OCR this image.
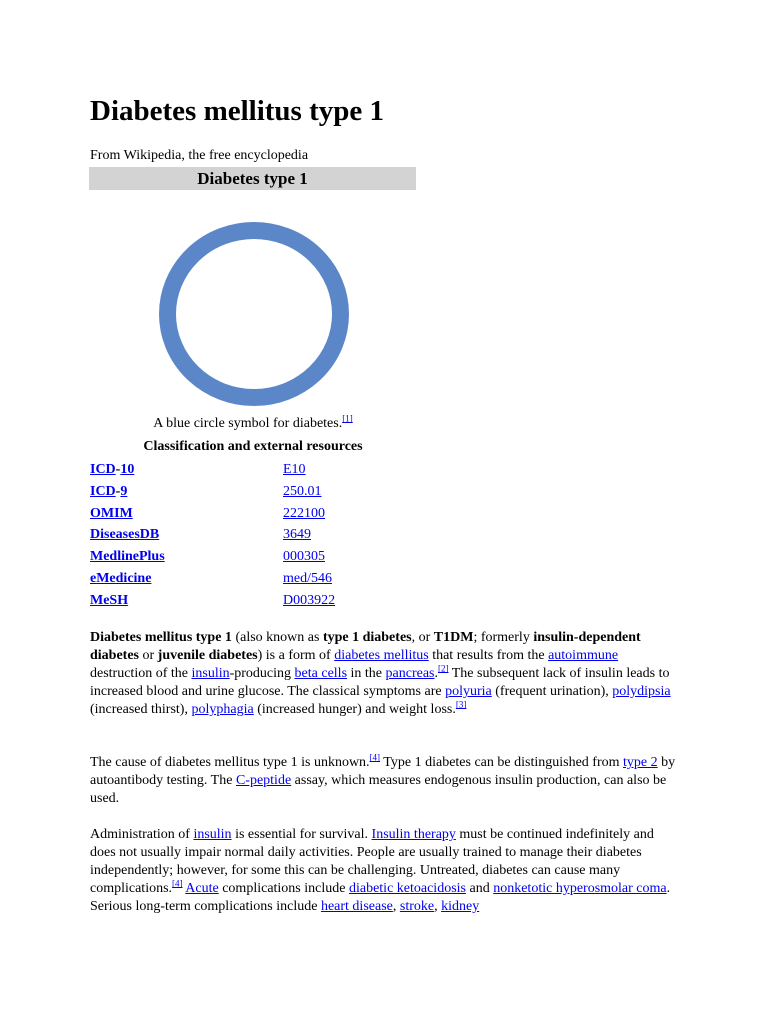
Diabetes mellitus type 1
From Wikipedia, the free encyclopedia
Diabetes type 1
A blue circle symbol for diabetes.[1]
Classification and external resources
ICD-10	E10
ICD-9	250.01
OMIM	222100
DiseasesDB	3649
MedlinePlus	000305
eMedicine	med/546
MeSH	D003922

Diabetes mellitus type 1 (also known as type 1 diabetes, or T1DM; formerly insulin-dependent diabetes or juvenile diabetes) is a form of diabetes mellitus that results from the autoimmune destruction of the insulin-producing beta cells in the pancreas.[2] The subsequent lack of insulin leads to increased blood and urine glucose. The classical symptoms are polyuria (frequent urination), polydipsia (increased thirst), polyphagia (increased hunger) and weight loss.[3]

The cause of diabetes mellitus type 1 is unknown.[4] Type 1 diabetes can be distinguished from type 2 by autoantibody testing. The C-peptide assay, which measures endogenous insulin production, can also be used.

Administration of insulin is essential for survival. Insulin therapy must be continued indefinitely and does not usually impair normal daily activities. People are usually trained to manage their diabetes independently; however, for some this can be challenging. Untreated, diabetes can cause many complications.[4] Acute complications include diabetic ketoacidosis and nonketotic hyperosmolar coma. Serious long-term complications include heart disease, stroke, kidney
